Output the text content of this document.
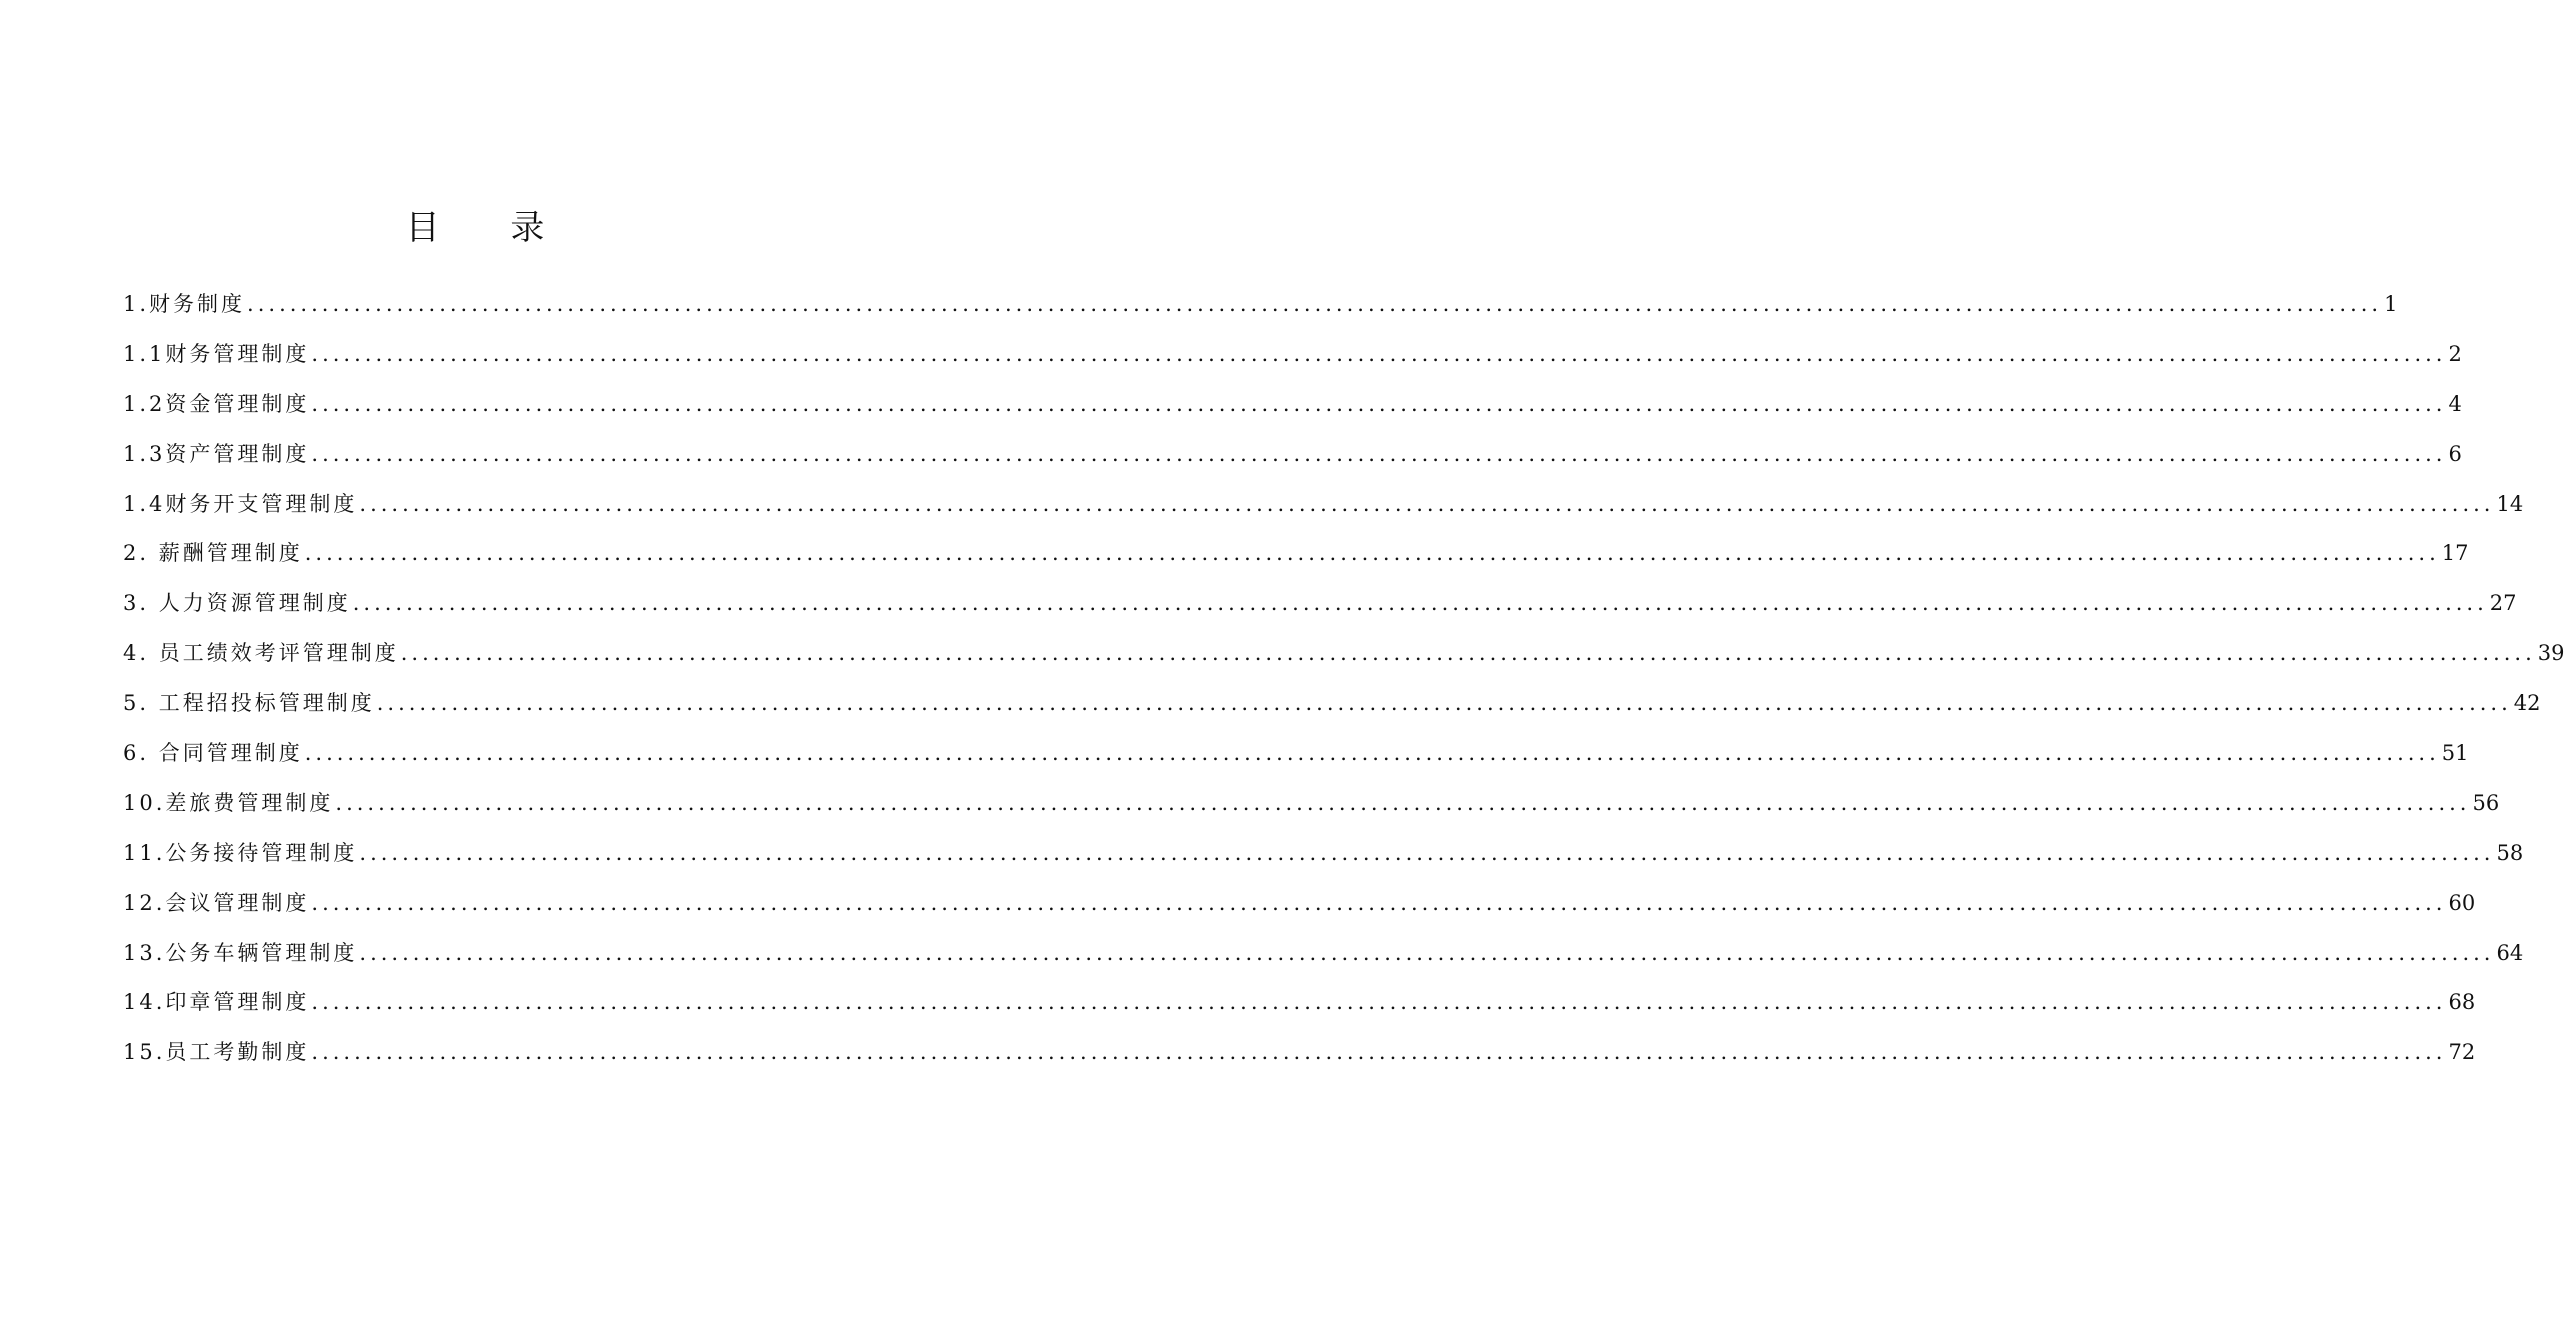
目 录
1.财务制度 ........................................................................................................................................................................................................ 1
1.1财务管理制度 ........................................................................................................................................................................................................ 2
1.2资金管理制度 ........................................................................................................................................................................................................ 4
1.3资产管理制度 ........................................................................................................................................................................................................ 6
1.4财务开支管理制度 ........................................................................................................................................................................................................ 14
2. 薪酬管理制度 ........................................................................................................................................................................................................ 17
3. 人力资源管理制度 ........................................................................................................................................................................................................ 27
4. 员工绩效考评管理制度 ........................................................................................................................................................................................................ 39
5. 工程招投标管理制度 ........................................................................................................................................................................................................ 42
6. 合同管理制度 ........................................................................................................................................................................................................ 51
10.差旅费管理制度 ........................................................................................................................................................................................................ 56
11.公务接待管理制度 ........................................................................................................................................................................................................ 58
12.会议管理制度 ........................................................................................................................................................................................................ 60
13.公务车辆管理制度 ........................................................................................................................................................................................................ 64
14.印章管理制度 ........................................................................................................................................................................................................ 68
15.员工考勤制度 ........................................................................................................................................................................................................ 72
